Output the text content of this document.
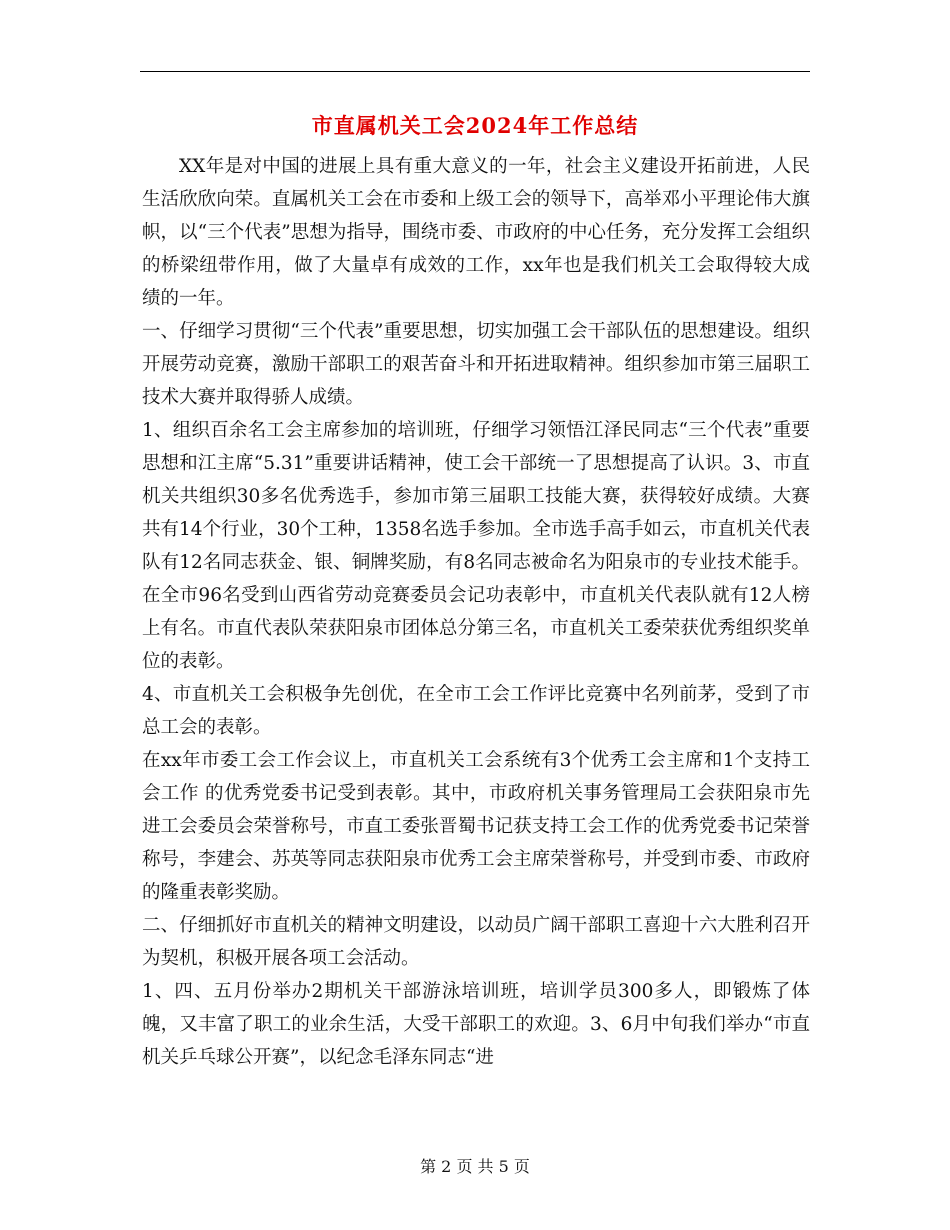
市直属机关工会2024年工作总结

XX年是对中国的进展上具有重大意义的一年，社会主义建设开拓前进，人民生活欣欣向荣。直属机关工会在市委和上级工会的领导下，高举邓小平理论伟大旗帜，以“三个代表”思想为指导，围绕市委、市政府的中心任务，充分发挥工会组织的桥梁纽带作用，做了大量卓有成效的工作，xx年也是我们机关工会取得较大成绩的一年。

一、仔细学习贯彻“三个代表”重要思想，切实加强工会干部队伍的思想建设。组织开展劳动竞赛，激励干部职工的艰苦奋斗和开拓进取精神。组织参加市第三届职工技术大赛并取得骄人成绩。

1、组织百余名工会主席参加的培训班，仔细学习领悟江泽民同志“三个代表”重要思想和江主席“5.31”重要讲话精神，使工会干部统一了思想提高了认识。3、市直机关共组织30多名优秀选手，参加市第三届职工技能大赛，获得较好成绩。大赛共有14个行业，30个工种，1358名选手参加。全市选手高手如云，市直机关代表队有12名同志获金、银、铜牌奖励，有8名同志被命名为阳泉市的专业技术能手。在全市96名受到山西省劳动竞赛委员会记功表彰中，市直机关代表队就有12人榜上有名。市直代表队荣获阳泉市团体总分第三名，市直机关工委荣获优秀组织奖单位的表彰。

4、市直机关工会积极争先创优，在全市工会工作评比竞赛中名列前茅，受到了市总工会的表彰。

在xx年市委工会工作会议上，市直机关工会系统有3个优秀工会主席和1个支持工会工作 的优秀党委书记受到表彰。其中，市政府机关事务管理局工会获阳泉市先进工会委员会荣誉称号，市直工委张晋蜀书记获支持工会工作的优秀党委书记荣誉称号，李建会、苏英等同志获阳泉市优秀工会主席荣誉称号，并受到市委、市政府的隆重表彰奖励。

二、仔细抓好市直机关的精神文明建设，以动员广阔干部职工喜迎十六大胜利召开为契机，积极开展各项工会活动。

1、四、五月份举办2期机关干部游泳培训班，培训学员300多人，即锻炼了体魄，又丰富了职工的业余生活，大受干部职工的欢迎。3、6月中旬我们举办“市直机关乒乓球公开赛”，以纪念毛泽东同志“进

第 2 页 共 5 页
